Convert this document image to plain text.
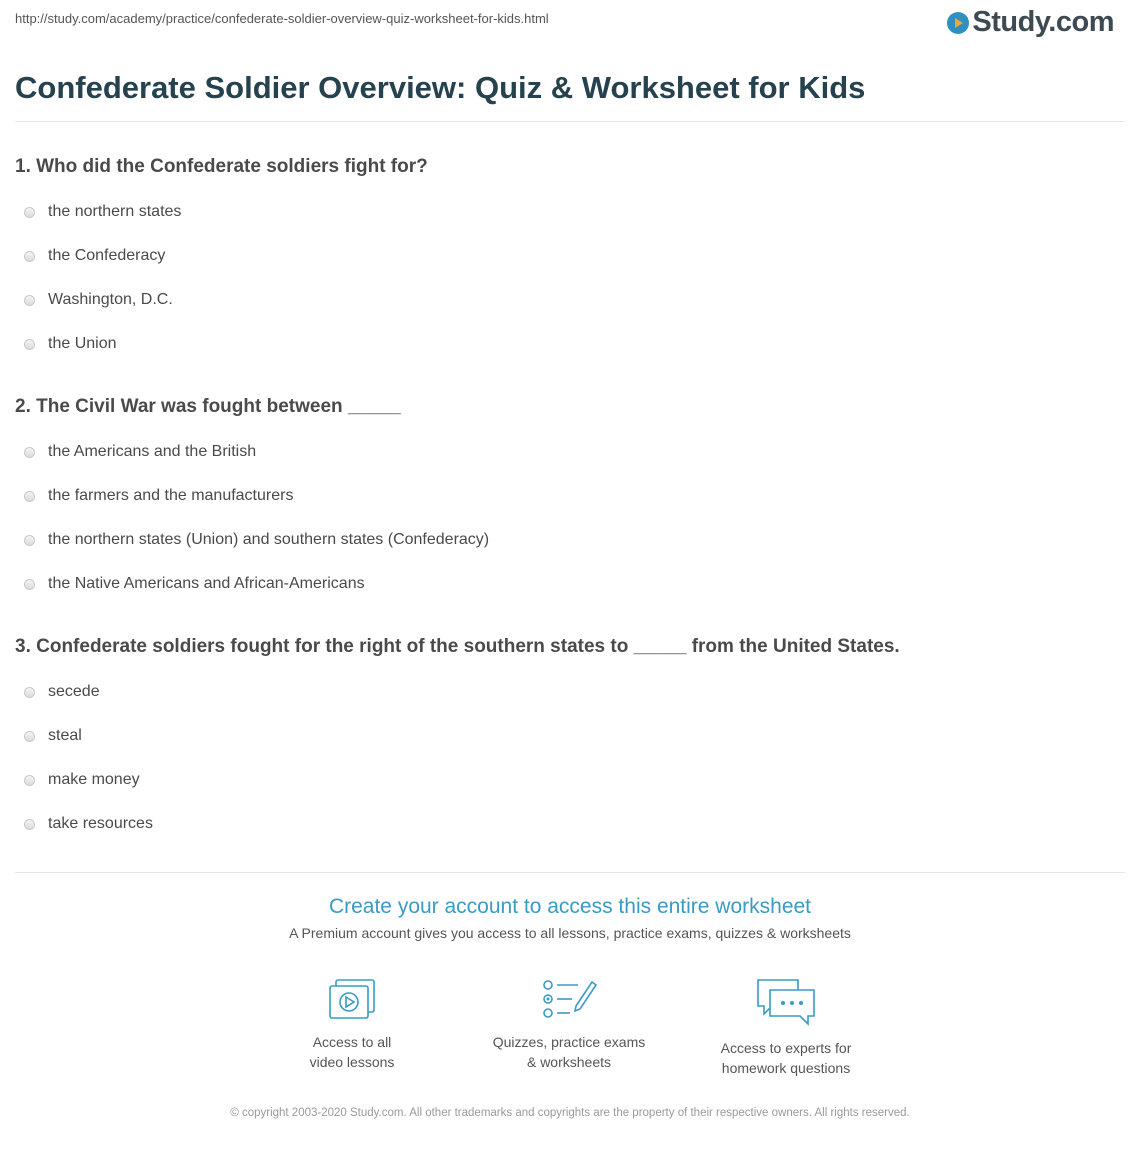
http://study.com/academy/practice/confederate-soldier-overview-quiz-worksheet-for-kids.html	Study.com
Confederate Soldier Overview: Quiz & Worksheet for Kids

1. Who did the Confederate soldiers fight for?

the northern states
the Confederacy
Washington, D.C.
the Union

2. The Civil War was fought between _____

the Americans and the British
the farmers and the manufacturers
the northern states (Union) and southern states (Confederacy)
the Native Americans and African-Americans

3. Confederate soldiers fought for the right of the southern states to _____ from the United States.

secede
steal
make money
take resources
Create your account to access this entire worksheet
A Premium account gives you access to all lessons, practice exams, quizzes & worksheets
Access to all
video lessons
Quizzes, practice exams
& worksheets
Access to experts for
homework questions
© copyright 2003-2020 Study.com. All other trademarks and copyrights are the property of their respective owners. All rights reserved.
